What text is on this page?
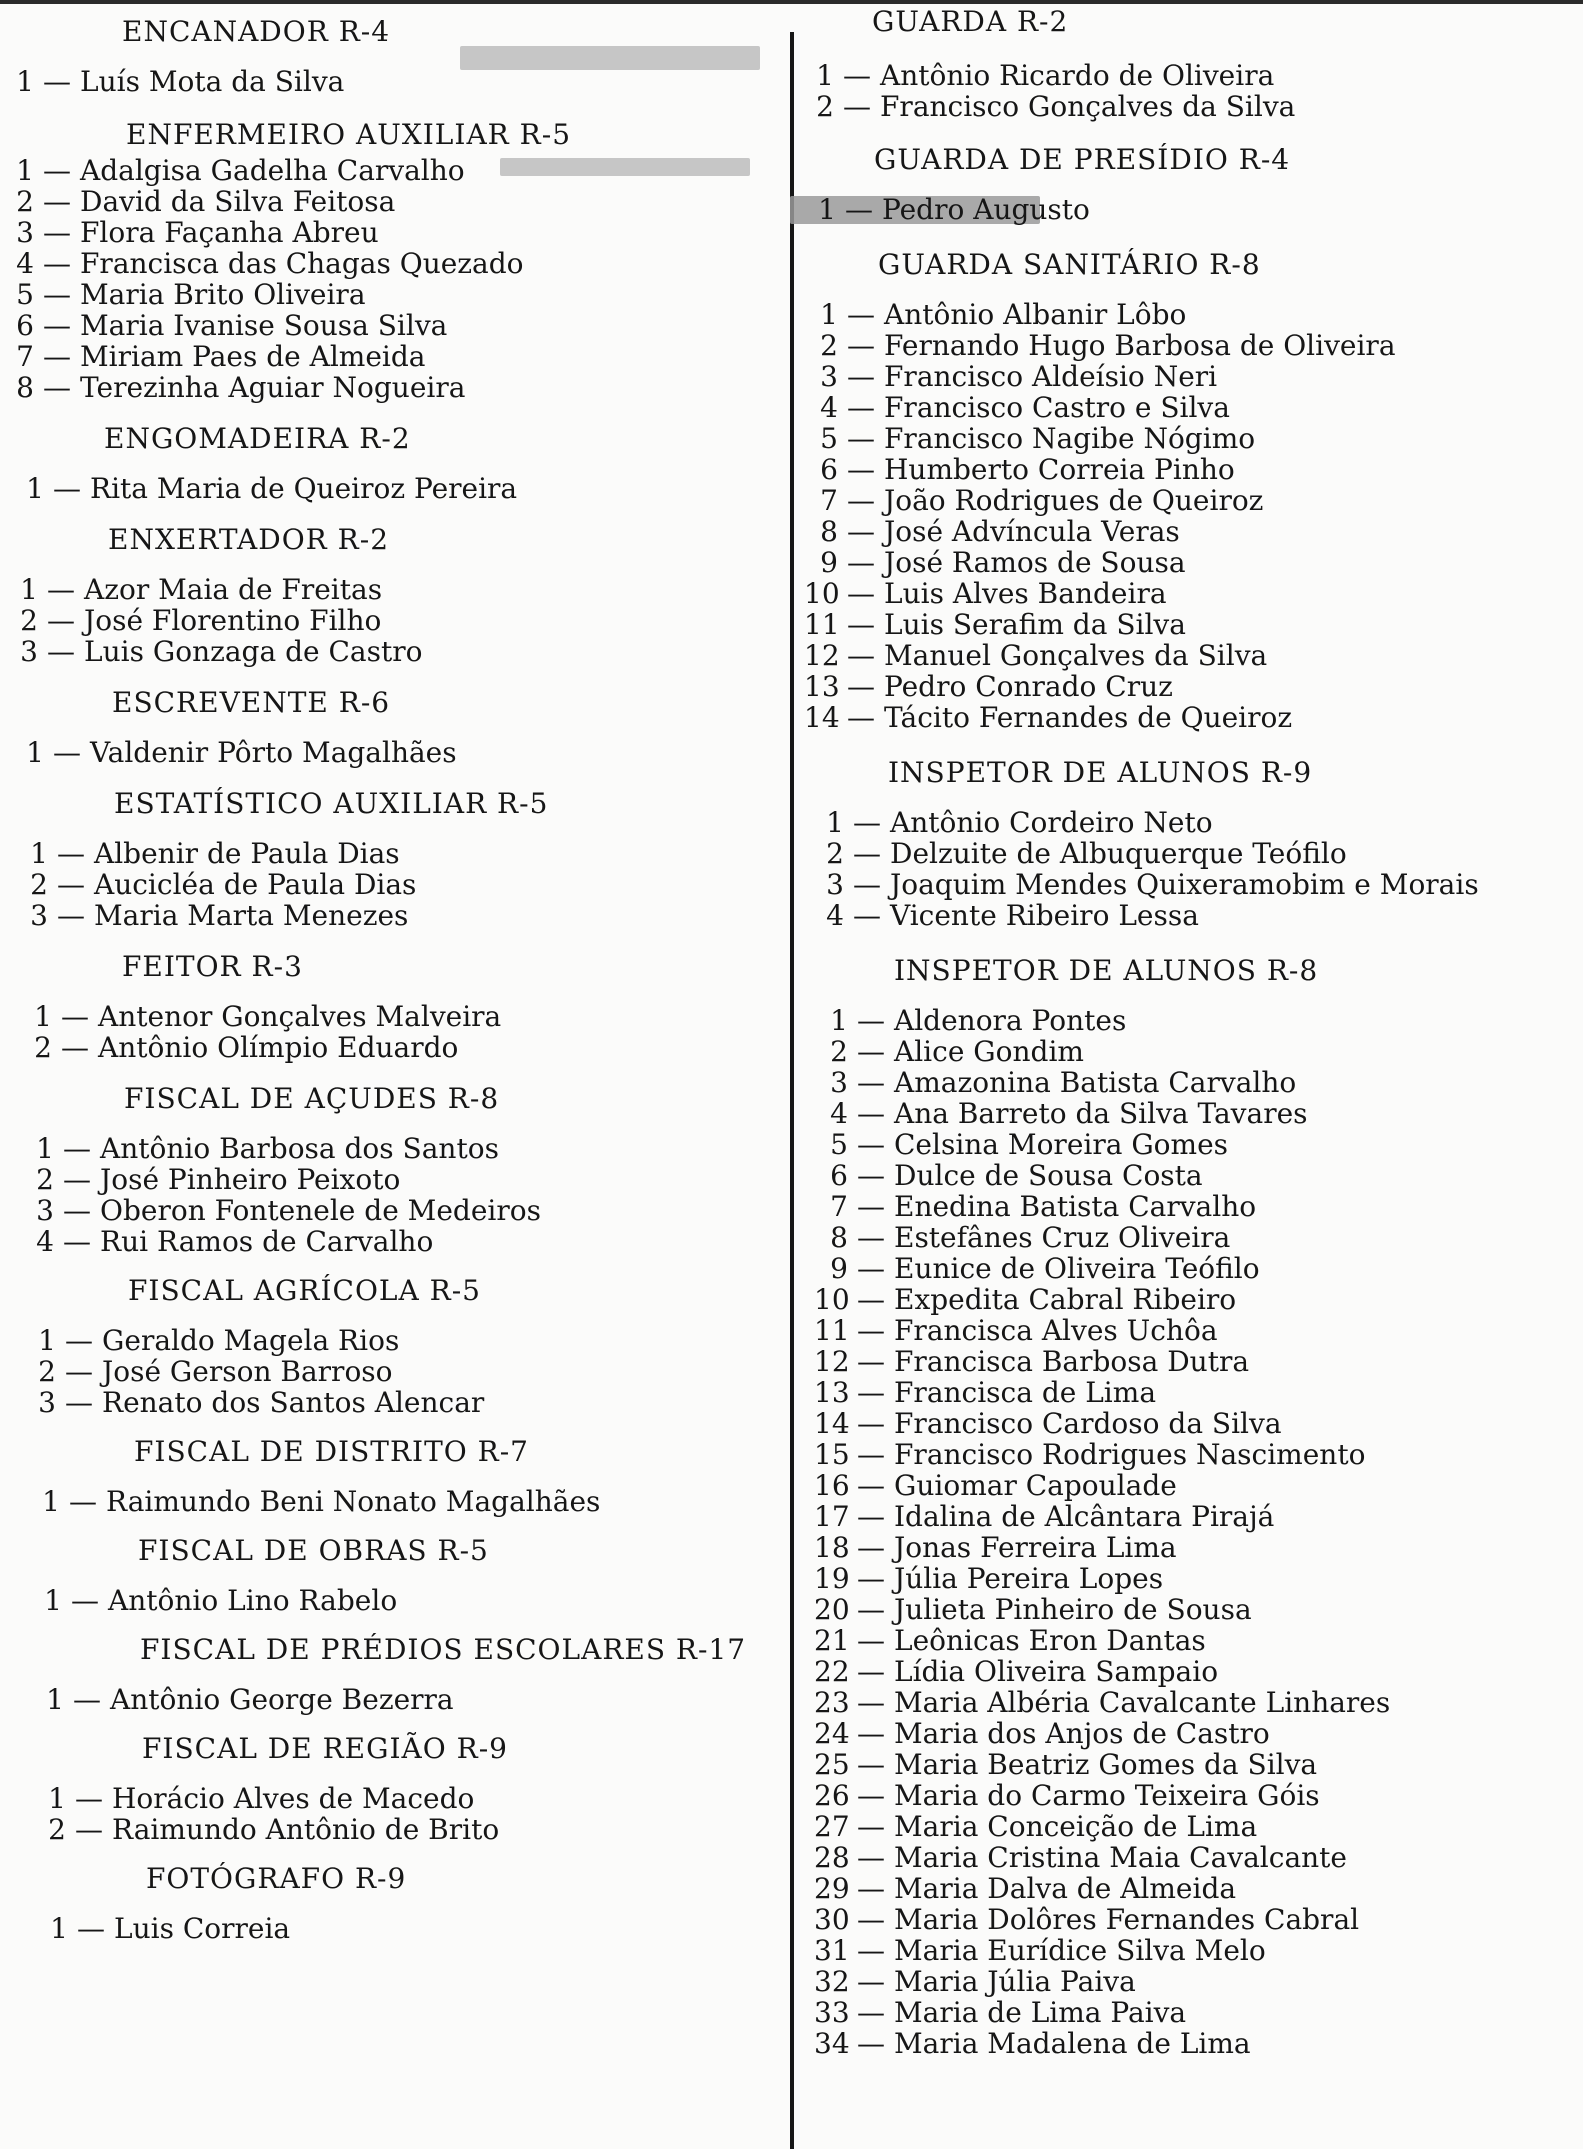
ENCANADOR R-4
1 — Luís Mota da Silva
ENFERMEIRO AUXILIAR R-5
1 — Adalgisa Gadelha Carvalho
2 — David da Silva Feitosa
3 — Flora Façanha Abreu
4 — Francisca das Chagas Quezado
5 — Maria Brito Oliveira
6 — Maria Ivanise Sousa Silva
7 — Miriam Paes de Almeida
8 — Terezinha Aguiar Nogueira
ENGOMADEIRA R-2
1 — Rita Maria de Queiroz Pereira
ENXERTADOR R-2
1 — Azor Maia de Freitas
2 — José Florentino Filho
3 — Luis Gonzaga de Castro
ESCREVENTE R-6
1 — Valdenir Pôrto Magalhães
ESTATÍSTICO AUXILIAR R-5
1 — Albenir de Paula Dias
2 — Aucicléa de Paula Dias
3 — Maria Marta Menezes
FEITOR R-3
1 — Antenor Gonçalves Malveira
2 — Antônio Olímpio Eduardo
FISCAL DE AÇUDES R-8
1 — Antônio Barbosa dos Santos
2 — José Pinheiro Peixoto
3 — Oberon Fontenele de Medeiros
4 — Rui Ramos de Carvalho
FISCAL AGRÍCOLA R-5
1 — Geraldo Magela Rios
2 — José Gerson Barroso
3 — Renato dos Santos Alencar
FISCAL DE DISTRITO R-7
1 — Raimundo Beni Nonato Magalhães
FISCAL DE OBRAS R-5
1 — Antônio Lino Rabelo
FISCAL DE PRÉDIOS ESCOLARES R-17
1 — Antônio George Bezerra
FISCAL DE REGIÃO R-9
1 — Horácio Alves de Macedo
2 — Raimundo Antônio de Brito
FOTÓGRAFO R-9
1 — Luis Correia
GUARDA R-2
1 — Antônio Ricardo de Oliveira
2 — Francisco Gonçalves da Silva
GUARDA DE PRESÍDIO R-4
1 — Pedro Augusto
GUARDA SANITÁRIO R-8
1 — Antônio Albanir Lôbo
2 — Fernando Hugo Barbosa de Oliveira
3 — Francisco Aldeísio Neri
4 — Francisco Castro e Silva
5 — Francisco Nagibe Nógimo
6 — Humberto Correia Pinho
7 — João Rodrigues de Queiroz
8 — José Advíncula Veras
9 — José Ramos de Sousa
10 — Luis Alves Bandeira
11 — Luis Serafim da Silva
12 — Manuel Gonçalves da Silva
13 — Pedro Conrado Cruz
14 — Tácito Fernandes de Queiroz
INSPETOR DE ALUNOS R-9
1 — Antônio Cordeiro Neto
2 — Delzuite de Albuquerque Teófilo
3 — Joaquim Mendes Quixeramobim e Morais
4 — Vicente Ribeiro Lessa
INSPETOR DE ALUNOS R-8
1 — Aldenora Pontes
2 — Alice Gondim
3 — Amazonina Batista Carvalho
4 — Ana Barreto da Silva Tavares
5 — Celsina Moreira Gomes
6 — Dulce de Sousa Costa
7 — Enedina Batista Carvalho
8 — Estefânes Cruz Oliveira
9 — Eunice de Oliveira Teófilo
10 — Expedita Cabral Ribeiro
11 — Francisca Alves Uchôa
12 — Francisca Barbosa Dutra
13 — Francisca de Lima
14 — Francisco Cardoso da Silva
15 — Francisco Rodrigues Nascimento
16 — Guiomar Capoulade
17 — Idalina de Alcântara Pirajá
18 — Jonas Ferreira Lima
19 — Júlia Pereira Lopes
20 — Julieta Pinheiro de Sousa
21 — Leônicas Eron Dantas
22 — Lídia Oliveira Sampaio
23 — Maria Albéria Cavalcante Linhares
24 — Maria dos Anjos de Castro
25 — Maria Beatriz Gomes da Silva
26 — Maria do Carmo Teixeira Góis
27 — Maria Conceição de Lima
28 — Maria Cristina Maia Cavalcante
29 — Maria Dalva de Almeida
30 — Maria Dolôres Fernandes Cabral
31 — Maria Eurídice Silva Melo
32 — Maria Júlia Paiva
33 — Maria de Lima Paiva
34 — Maria Madalena de Lima
